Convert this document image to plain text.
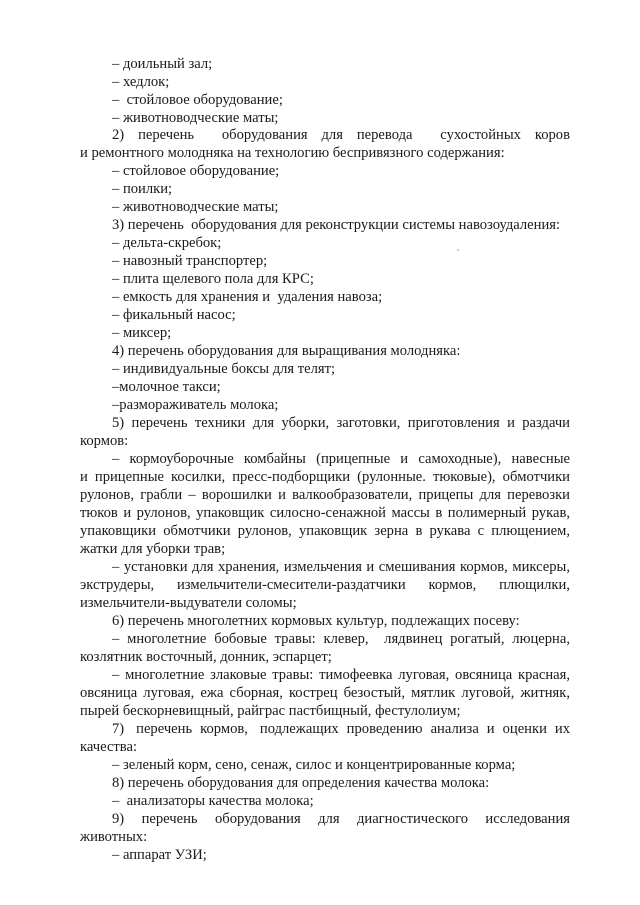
– доильный зал;
– хедлок;
–  стойловое оборудование;
– животноводческие маты;
2)  перечень    оборудования  для  перевода    сухостойных  коров
и ремонтного молодняка на технологию беспривязного содержания:
– стойловое оборудование;
– поилки;
– животноводческие маты;
3) перечень  оборудования для реконструкции системы навозоудаления:
– дельта-скребок;
– навозный транспортер;
– плита щелевого пола для КРС;
– емкость для хранения и  удаления навоза;
– фикальный насос;
– миксер;
4) перечень оборудования для выращивания молодняка:
– индивидуальные боксы для телят;
–молочное такси;
–размораживатель молока;
5) перечень техники для уборки, заготовки, приготовления и раздачи
кормов:
–  кормоуборочные  комбайны  (прицепные  и  самоходные),  навесные
и прицепные косилки, пресс-подборщики (рулонные. тюковые), обмотчики
рулонов, грабли – ворошилки и валкообразователи, прицепы для перевозки
тюков и рулонов, упаковщик силосно-сенажной массы в полимерный рукав,
упаковщики обмотчики рулонов, упаковщик зерна в рукава с плющением,
жатки для уборки трав;
– установки для хранения, измельчения и смешивания кормов, миксеры,
экструдеры,      измельчители-смесители-раздатчики      кормов,      плющилки,
измельчители-выдуватели соломы;
6) перечень многолетних кормовых культур, подлежащих посеву:
–  многолетние  бобовые  травы:  клевер,    лядвинец  рогатый,  люцерна,
козлятник восточный, донник, эспарцет;
– многолетние злаковые травы: тимофеевка луговая, овсяница красная,
овсяница луговая, ежа сборная, кострец безостый, мятлик луговой, житняк,
пырей бескорневищный, райграс пастбищный, фестулолиум;
7)   перечень  кормов,   подлежащих  проведению  анализа  и  оценки  их
качества:
– зеленый корм, сено, сенаж, силос и концентрированные корма;
8) перечень оборудования для определения качества молока:
–  анализаторы качества молока;
9)   перечень   оборудования   для   диагностического   исследования
животных:
– аппарат УЗИ;
